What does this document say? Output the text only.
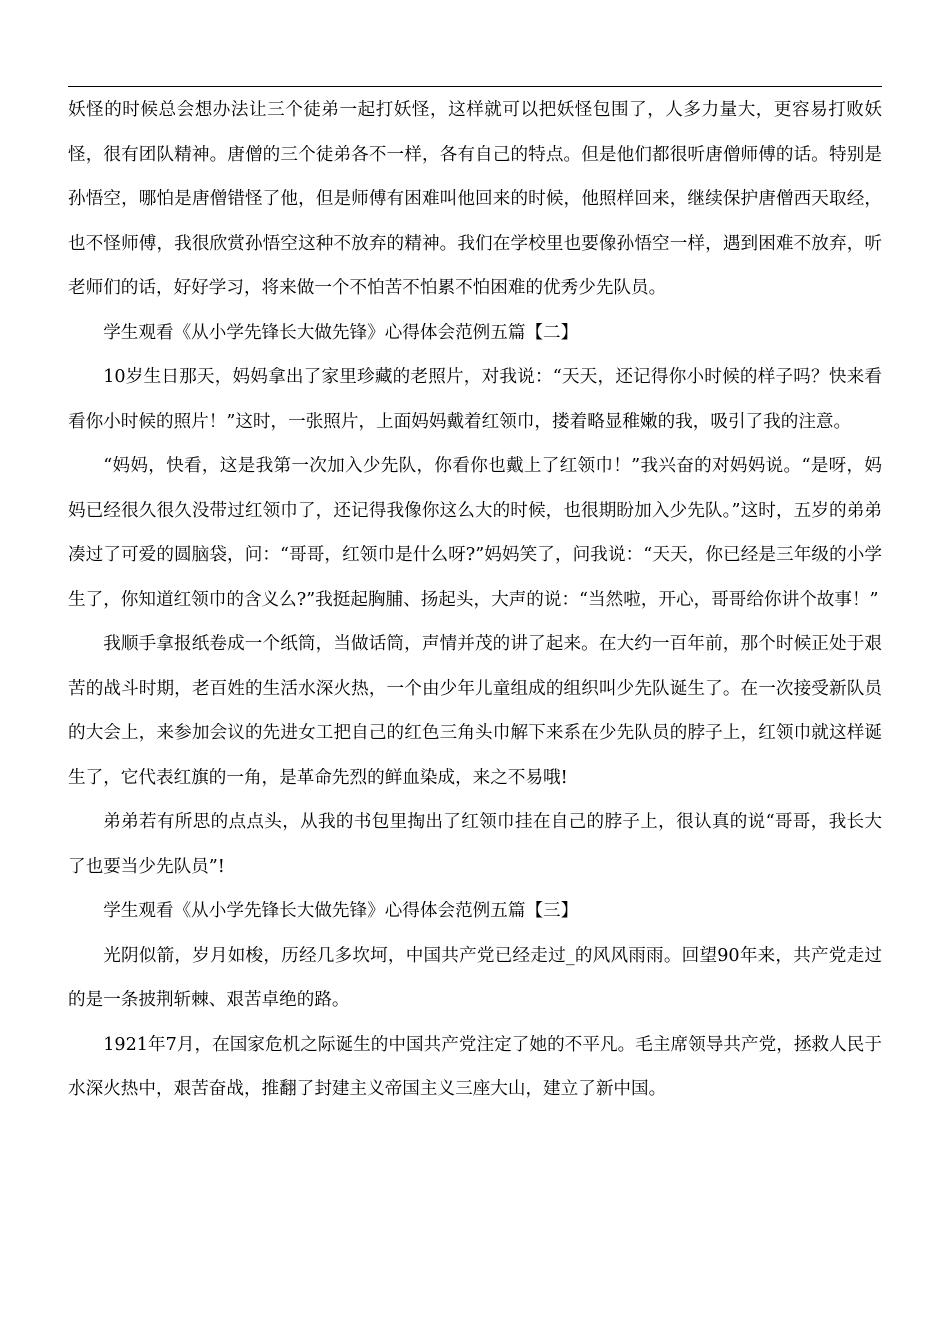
妖怪的时候总会想办法让三个徒弟一起打妖怪，这样就可以把妖怪包围了，人多力量大，更容易打败妖怪，很有团队精神。唐僧的三个徒弟各不一样，各有自己的特点。但是他们都很听唐僧师傅的话。特别是孙悟空，哪怕是唐僧错怪了他，但是师傅有困难叫他回来的时候，他照样回来，继续保护唐僧西天取经，也不怪师傅，我很欣赏孙悟空这种不放弃的精神。我们在学校里也要像孙悟空一样，遇到困难不放弃，听老师们的话，好好学习，将来做一个不怕苦不怕累不怕困难的优秀少先队员。

学生观看《从小学先锋长大做先锋》心得体会范例五篇【二】

10岁生日那天，妈妈拿出了家里珍藏的老照片，对我说：“天天，还记得你小时候的样子吗？快来看看你小时候的照片！”这时，一张照片，上面妈妈戴着红领巾，搂着略显稚嫩的我，吸引了我的注意。

“妈妈，快看，这是我第一次加入少先队，你看你也戴上了红领巾！”我兴奋的对妈妈说。“是呀，妈妈已经很久很久没带过红领巾了，还记得我像你这么大的时候，也很期盼加入少先队。”这时，五岁的弟弟凑过了可爱的圆脑袋，问：“哥哥，红领巾是什么呀?”妈妈笑了，问我说：“天天，你已经是三年级的小学生了，你知道红领巾的含义么?”我挺起胸脯、扬起头，大声的说：“当然啦，开心，哥哥给你讲个故事！”

我顺手拿报纸卷成一个纸筒，当做话筒，声情并茂的讲了起来。在大约一百年前，那个时候正处于艰苦的战斗时期，老百姓的生活水深火热，一个由少年儿童组成的组织叫少先队诞生了。在一次接受新队员的大会上，来参加会议的先进女工把自己的红色三角头巾解下来系在少先队员的脖子上，红领巾就这样诞生了，它代表红旗的一角，是革命先烈的鲜血染成，来之不易哦!

弟弟若有所思的点点头，从我的书包里掏出了红领巾挂在自己的脖子上，很认真的说“哥哥，我长大了也要当少先队员”!

学生观看《从小学先锋长大做先锋》心得体会范例五篇【三】

光阴似箭，岁月如梭，历经几多坎坷，中国共产党已经走过_的风风雨雨。回望90年来，共产党走过的是一条披荆斩棘、艰苦卓绝的路。

1921年7月，在国家危机之际诞生的中国共产党注定了她的不平凡。毛主席领导共产党，拯救人民于水深火热中，艰苦奋战，推翻了封建主义帝国主义三座大山，建立了新中国。
